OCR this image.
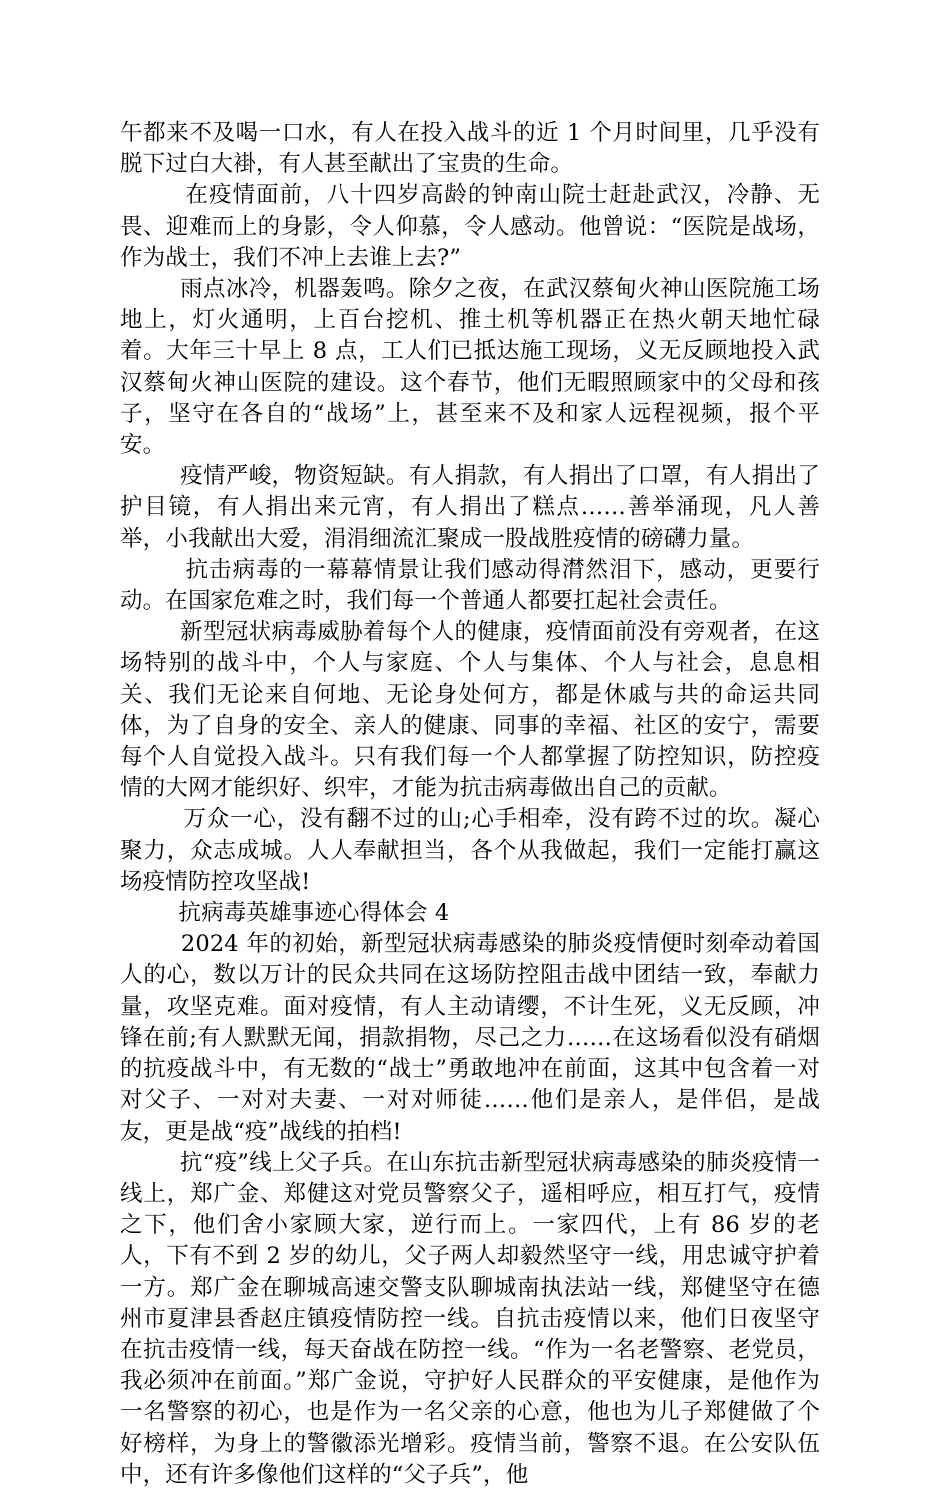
午都来不及喝一口水，有人在投入战斗的近 1 个月时间里，几乎没有脱下过白大褂，有人甚至献出了宝贵的生命。

在疫情面前，八十四岁高龄的钟南山院士赶赴武汉，冷静、无畏、迎难而上的身影，令人仰慕，令人感动。他曾说：“医院是战场，作为战士，我们不冲上去谁上去?”

雨点冰冷，机器轰鸣。除夕之夜，在武汉蔡甸火神山医院施工场地上，灯火通明，上百台挖机、推土机等机器正在热火朝天地忙碌着。大年三十早上 8 点，工人们已抵达施工现场，义无反顾地投入武汉蔡甸火神山医院的建设。这个春节，他们无暇照顾家中的父母和孩子，坚守在各自的“战场”上，甚至来不及和家人远程视频，报个平安。

疫情严峻，物资短缺。有人捐款，有人捐出了口罩，有人捐出了护目镜，有人捐出来元宵，有人捐出了糕点……善举涌现，凡人善举，小我献出大爱，涓涓细流汇聚成一股战胜疫情的磅礴力量。

抗击病毒的一幕幕情景让我们感动得潸然泪下，感动，更要行动。在国家危难之时，我们每一个普通人都要扛起社会责任。

新型冠状病毒威胁着每个人的健康，疫情面前没有旁观者，在这场特别的战斗中，个人与家庭、个人与集体、个人与社会，息息相关、我们无论来自何地、无论身处何方，都是休戚与共的命运共同体，为了自身的安全、亲人的健康、同事的幸福、社区的安宁，需要每个人自觉投入战斗。只有我们每一个人都掌握了防控知识，防控疫情的大网才能织好、织牢，才能为抗击病毒做出自己的贡献。

万众一心，没有翻不过的山;心手相牵，没有跨不过的坎。凝心聚力，众志成城。人人奉献担当，各个从我做起，我们一定能打赢这场疫情防控攻坚战!

抗病毒英雄事迹心得体会 4

2024 年的初始，新型冠状病毒感染的肺炎疫情便时刻牵动着国人的心，数以万计的民众共同在这场防控阻击战中团结一致，奉献力量，攻坚克难。面对疫情，有人主动请缨，不计生死，义无反顾，冲锋在前;有人默默无闻，捐款捐物，尽己之力……在这场看似没有硝烟的抗疫战斗中，有无数的“战士”勇敢地冲在前面，这其中包含着一对对父子、一对对夫妻、一对对师徒……他们是亲人，是伴侣，是战友，更是战“疫”战线的拍档!

抗“疫”线上父子兵。在山东抗击新型冠状病毒感染的肺炎疫情一线上，郑广金、郑健这对党员警察父子，遥相呼应，相互打气，疫情之下，他们舍小家顾大家，逆行而上。一家四代，上有 86 岁的老人，下有不到 2 岁的幼儿，父子两人却毅然坚守一线，用忠诚守护着一方。郑广金在聊城高速交警支队聊城南执法站一线，郑健坚守在德州市夏津县香赵庄镇疫情防控一线。自抗击疫情以来，他们日夜坚守在抗击疫情一线，每天奋战在防控一线。“作为一名老警察、老党员，我必须冲在前面。”郑广金说，守护好人民群众的平安健康，是他作为一名警察的初心，也是作为一名父亲的心意，他也为儿子郑健做了个好榜样，为身上的警徽添光增彩。疫情当前，警察不退。在公安队伍中，还有许多像他们这样的“父子兵”，他
